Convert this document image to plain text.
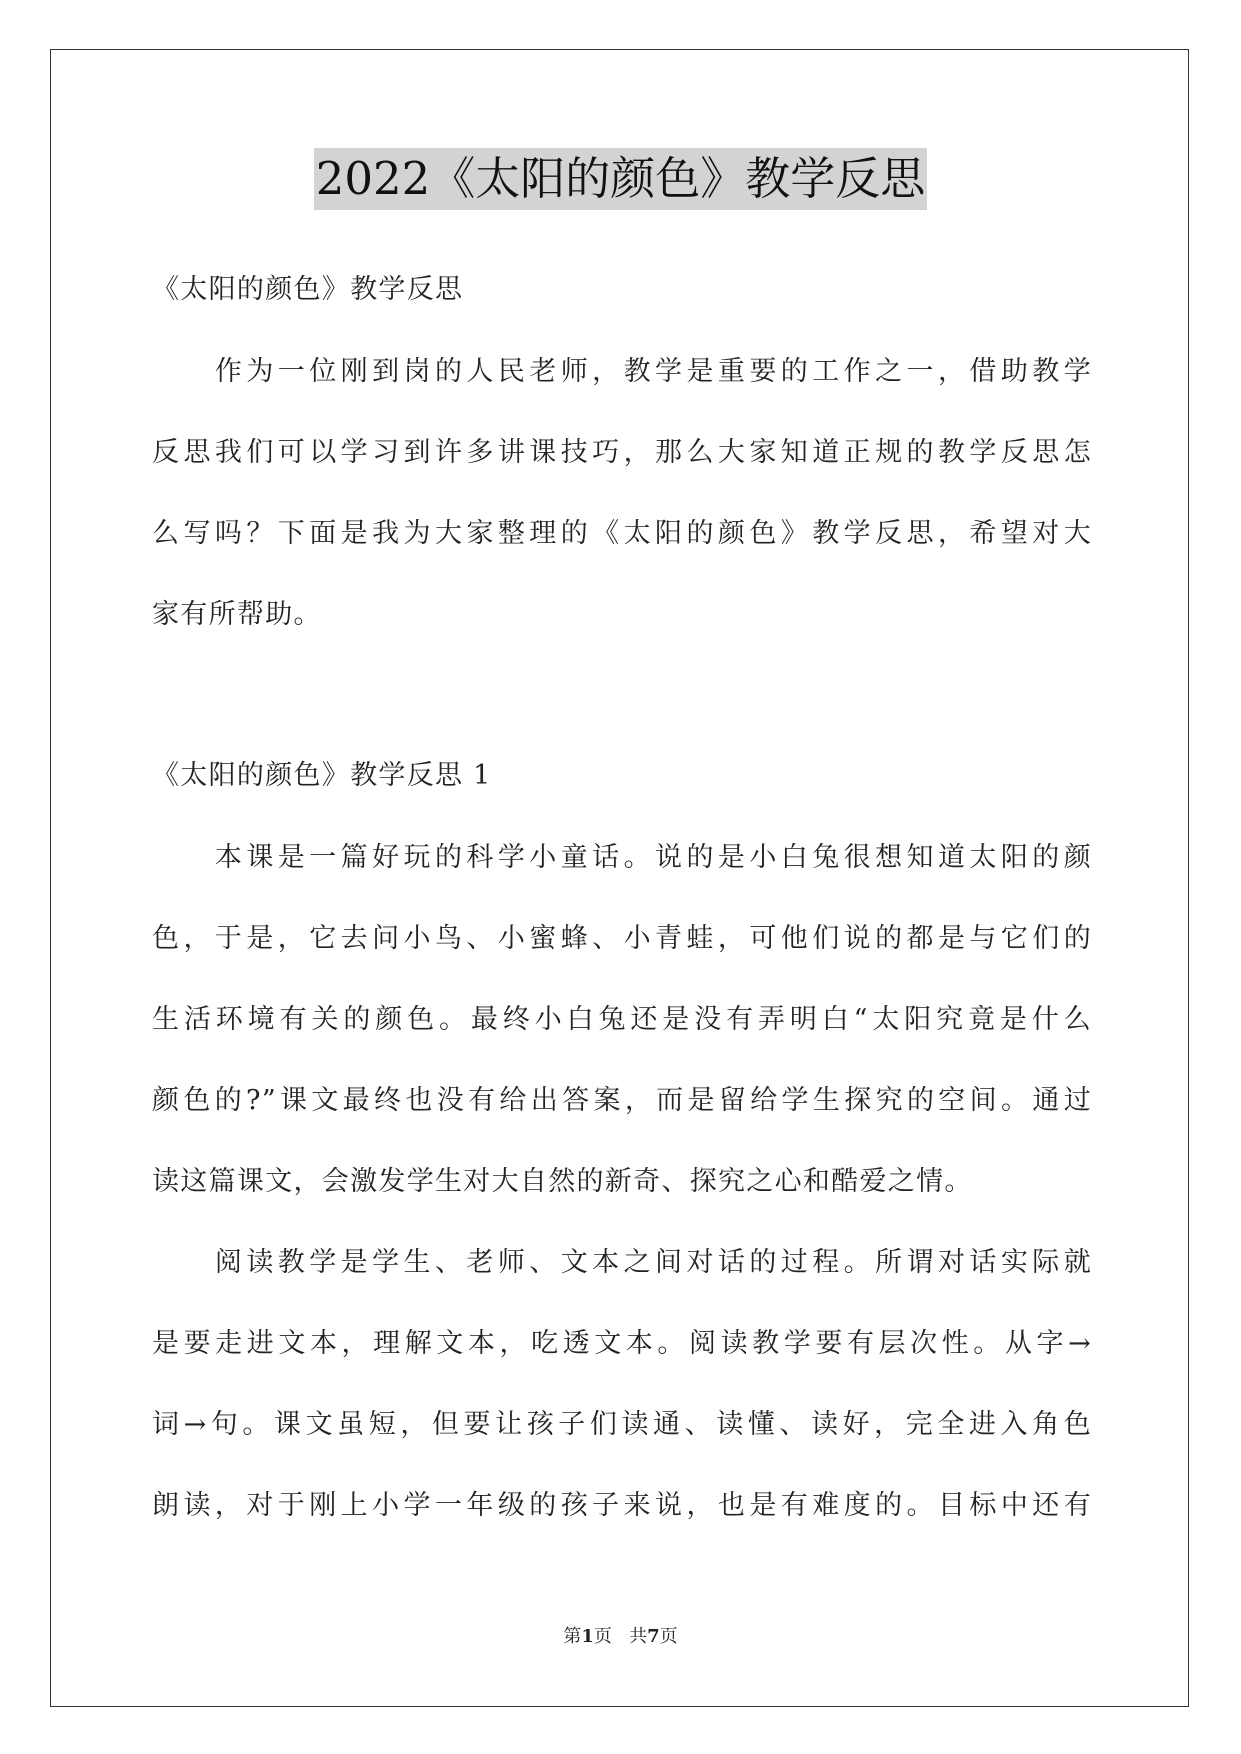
2022《太阳的颜色》教学反思
《太阳的颜色》教学反思
　　作为一位刚到岗的人民老师，教学是重要的工作之一，借助教学
反思我们可以学习到许多讲课技巧，那么大家知道正规的教学反思怎
么写吗？下面是我为大家整理的《太阳的颜色》教学反思，希望对大
家有所帮助。
《太阳的颜色》教学反思 1
　　本课是一篇好玩的科学小童话。说的是小白兔很想知道太阳的颜
色，于是，它去问小鸟、小蜜蜂、小青蛙，可他们说的都是与它们的
生活环境有关的颜色。最终小白兔还是没有弄明白“太阳究竟是什么
颜色的?”课文最终也没有给出答案，而是留给学生探究的空间。通过
读这篇课文，会激发学生对大自然的新奇、探究之心和酷爱之情。
　　阅读教学是学生、老师、文本之间对话的过程。所谓对话实际就
是要走进文本，理解文本，吃透文本。阅读教学要有层次性。从字→
词→句。课文虽短，但要让孩子们读通、读懂、读好，完全进入角色
朗读，对于刚上小学一年级的孩子来说，也是有难度的。目标中还有
第1页 共7页
